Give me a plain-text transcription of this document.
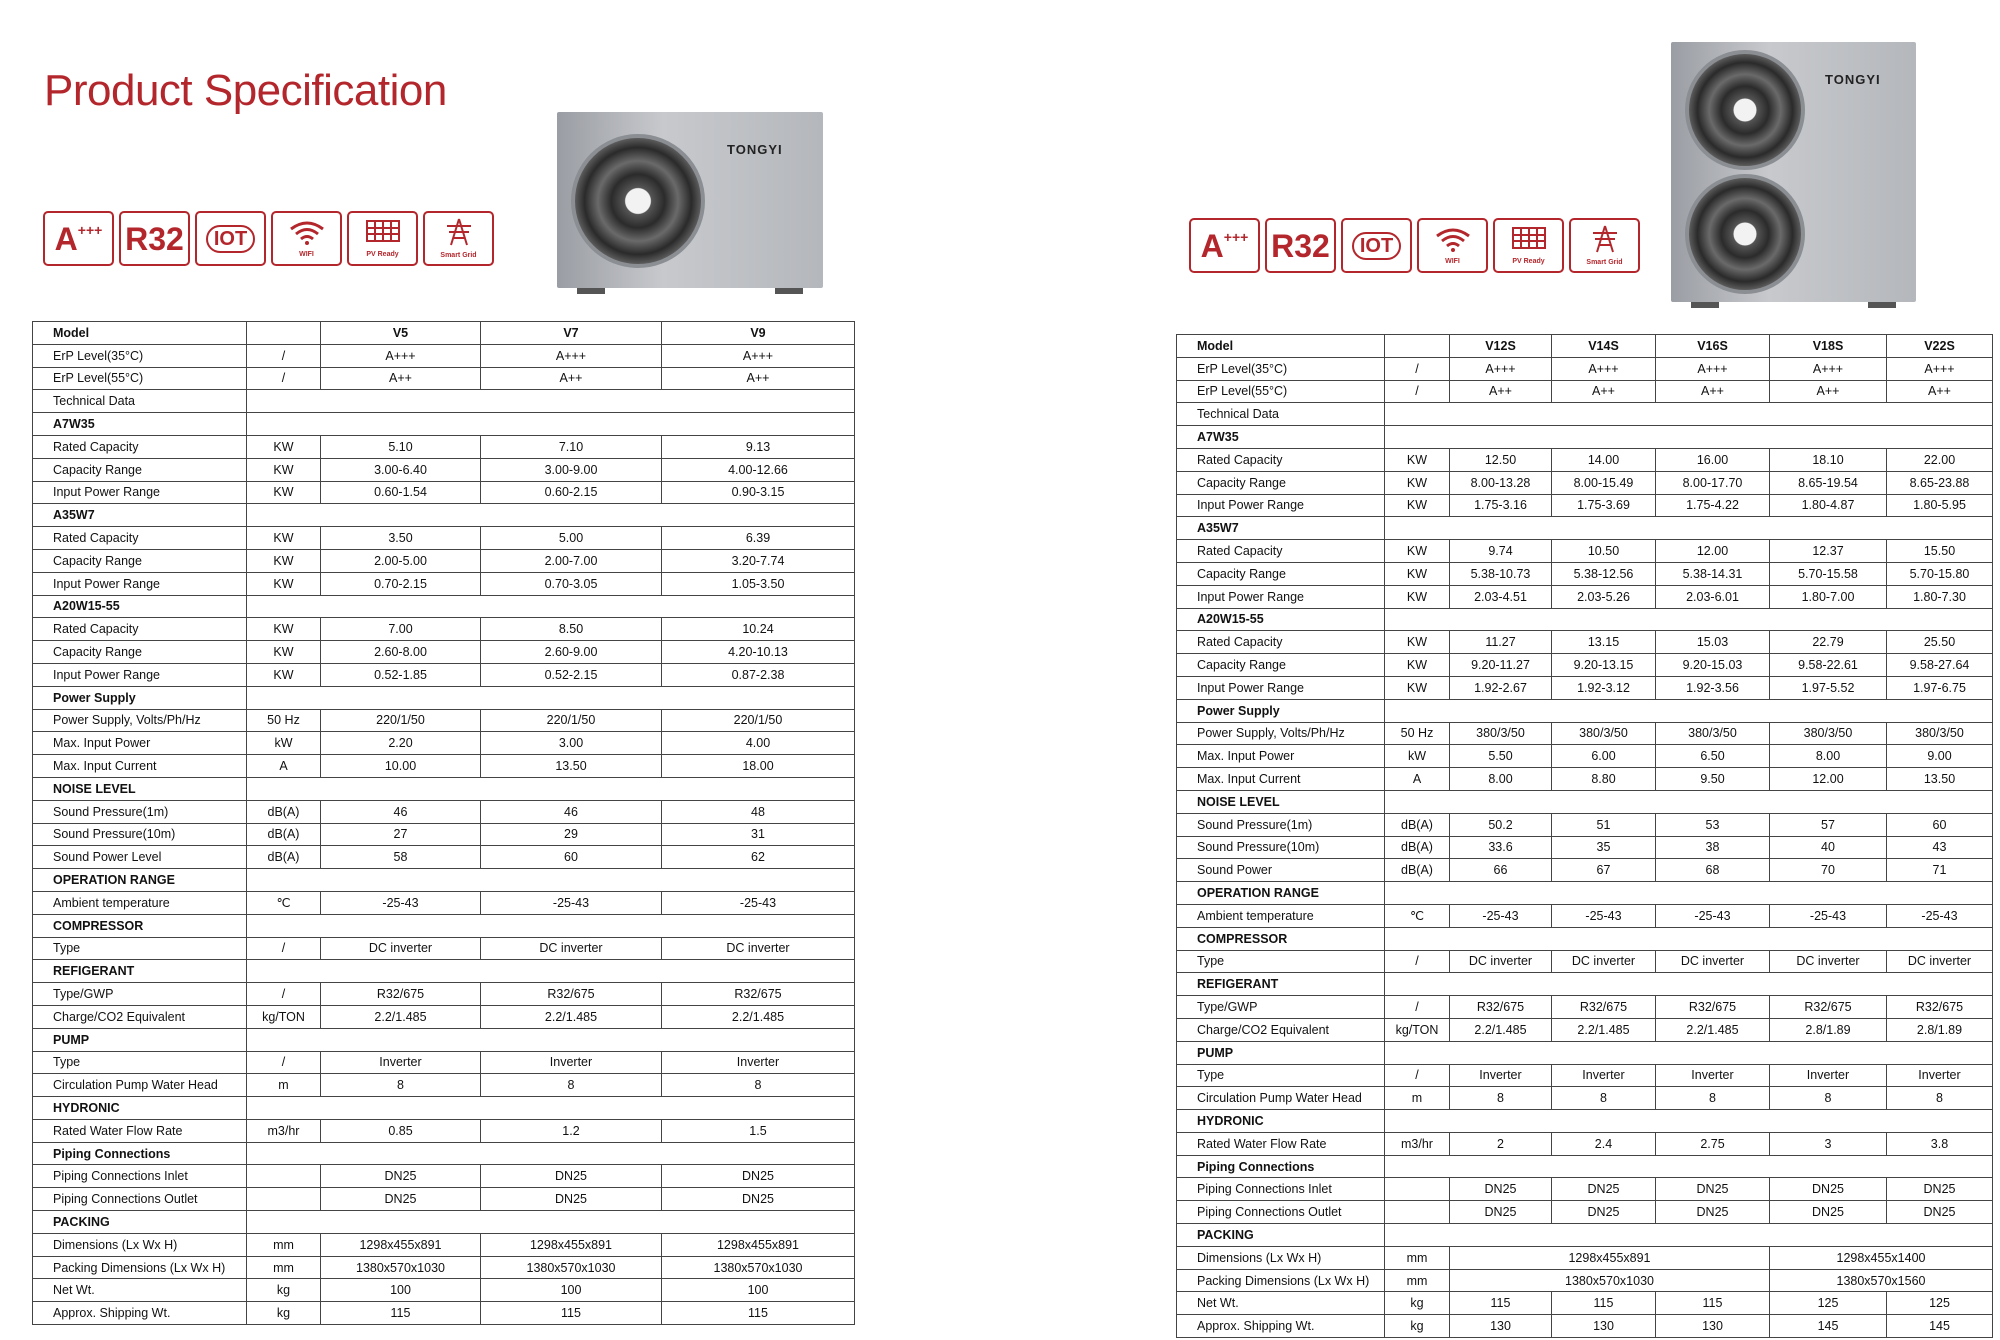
Product Specification
A+++ R32	IOT
WIFI	PV Ready	Smart Grid	A+++ R32	IOT
WIFI	PV Ready	Smart Grid
TONGYI
TONGYI
Model		V5	V7	V9
ErP Level(35°C)	/	A+++	A+++	A+++
ErP Level(55°C)	/	A++	A++	A++
Technical Data				
A7W35				
Rated Capacity	KW	5.10	7.10	9.13
Capacity Range	KW	3.00-6.40	3.00-9.00	4.00-12.66
Input Power Range	KW	0.60-1.54	0.60-2.15	0.90-3.15
A35W7				
Rated Capacity	KW	3.50	5.00	6.39
Capacity Range	KW	2.00-5.00	2.00-7.00	3.20-7.74
Input Power Range	KW	0.70-2.15	0.70-3.05	1.05-3.50
A20W15-55				
Rated Capacity	KW	7.00	8.50	10.24
Capacity Range	KW	2.60-8.00	2.60-9.00	4.20-10.13
Input Power Range	KW	0.52-1.85	0.52-2.15	0.87-2.38
Power Supply				
Power Supply, Volts/Ph/Hz	50 Hz	220/1/50	220/1/50	220/1/50
Max. Input Power	kW	2.20	3.00	4.00
Max. Input Current	A	10.00	13.50	18.00
NOISE LEVEL				
Sound Pressure(1m)	dB(A)	46	46	48
Sound Pressure(10m)	dB(A)	27	29	31
Sound Power Level	dB(A)	58	60	62
OPERATION RANGE				
Ambient temperature	℃	-25-43	-25-43	-25-43
COMPRESSOR				
Type	/	DC inverter	DC inverter	DC inverter
REFIGERANT				
Type/GWP	/	R32/675	R32/675	R32/675
Charge/CO2 Equivalent	kg/TON	2.2/1.485	2.2/1.485	2.2/1.485
PUMP				
Type	/	Inverter	Inverter	Inverter
Circulation Pump Water Head	m	8	8	8
HYDRONIC				
Rated Water Flow Rate	m3/hr	0.85	1.2	1.5
Piping Connections				
Piping Connections Inlet		DN25	DN25	DN25
Piping Connections Outlet		DN25	DN25	DN25
PACKING				
Dimensions (Lx Wx H)	mm	1298x455x891	1298x455x891	1298x455x891
Packing Dimensions (Lx Wx H)	mm	1380x570x1030	1380x570x1030	1380x570x1030
Net Wt.	kg	100	100	100
Approx. Shipping Wt.	kg	115	115	115
Model		V12S	V14S	V16S	V18S	V22S
ErP Level(35°C)	/	A+++	A+++	A+++	A+++	A+++
ErP Level(55°C)	/	A++	A++	A++	A++	A++
Technical Data						
A7W35						
Rated Capacity	KW	12.50	14.00	16.00	18.10	22.00
Capacity Range	KW	8.00-13.28	8.00-15.49	8.00-17.70	8.65-19.54	8.65-23.88
Input Power Range	KW	1.75-3.16	1.75-3.69	1.75-4.22	1.80-4.87	1.80-5.95
A35W7						
Rated Capacity	KW	9.74	10.50	12.00	12.37	15.50
Capacity Range	KW	5.38-10.73	5.38-12.56	5.38-14.31	5.70-15.58	5.70-15.80
Input Power Range	KW	2.03-4.51	2.03-5.26	2.03-6.01	1.80-7.00	1.80-7.30
A20W15-55						
Rated Capacity	KW	11.27	13.15	15.03	22.79	25.50
Capacity Range	KW	9.20-11.27	9.20-13.15	9.20-15.03	9.58-22.61	9.58-27.64
Input Power Range	KW	1.92-2.67	1.92-3.12	1.92-3.56	1.97-5.52	1.97-6.75
Power Supply						
Power Supply, Volts/Ph/Hz	50 Hz	380/3/50	380/3/50	380/3/50	380/3/50	380/3/50
Max. Input Power	kW	5.50	6.00	6.50	8.00	9.00
Max. Input Current	A	8.00	8.80	9.50	12.00	13.50
NOISE LEVEL						
Sound Pressure(1m)	dB(A)	50.2	51	53	57	60
Sound Pressure(10m)	dB(A)	33.6	35	38	40	43
Sound Power	dB(A)	66	67	68	70	71
OPERATION RANGE						
Ambient temperature	℃	-25-43	-25-43	-25-43	-25-43	-25-43
COMPRESSOR						
Type	/	DC inverter	DC inverter	DC inverter	DC inverter	DC inverter
REFIGERANT						
Type/GWP	/	R32/675	R32/675	R32/675	R32/675	R32/675
Charge/CO2 Equivalent	kg/TON	2.2/1.485	2.2/1.485	2.2/1.485	2.8/1.89	2.8/1.89
PUMP						
Type	/	Inverter	Inverter	Inverter	Inverter	Inverter
Circulation Pump Water Head	m	8	8	8	8	8
HYDRONIC						
Rated Water Flow Rate	m3/hr	2	2.4	2.75	3	3.8
Piping Connections						
Piping Connections Inlet		DN25	DN25	DN25	DN25	DN25
Piping Connections Outlet		DN25	DN25	DN25	DN25	DN25
PACKING						
Dimensions (Lx Wx H)	mm	1298x455x891			1298x455x1400	
Packing Dimensions (Lx Wx H)	mm	1380x570x1030			1380x570x1560	
Net Wt.	kg	115	115	115	125	125
Approx. Shipping Wt.	kg	130	130	130	145	145
